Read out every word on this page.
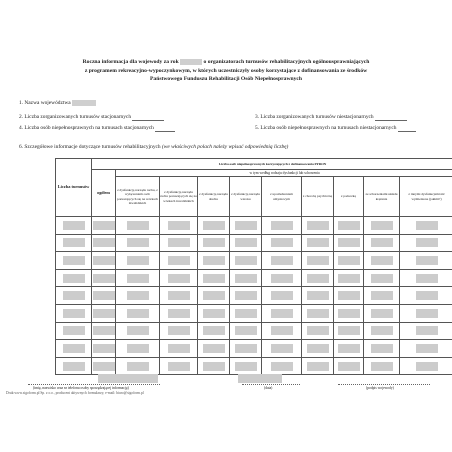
Roczna informacja dla wojewody za rok	o organizatorach turnusów rehabilitacyjnych ogólnousprawniających
z programem rekreacyjno-wypoczynkowym, w których uczestniczyły osoby korzystające z dofinansowania ze środków
Państwowego Funduszu Rehabilitacji Osób Niepełnosprawnych
1. Nazwa województwa
2. Liczba zorganizowanych turnusów stacjonarnych	3. Liczba zorganizowanych turnusów niestacjonarnych
4. Liczba osób niepełnosprawnych na turnusach stacjonarnych	5. Liczba osób niepełnosprawnych na turnusach niestacjonarnych
6. Szczegółowe informacje dotyczące turnusów rehabilitacyjnych (we właściwych polach należy wpisać odpowiednią liczbę)
Liczba turnusów	Liczba osób niepełnosprawnych korzystających z dofinansowania PFRON									
	ogółem	w tym według rodzaju dysfunkcji lub schorzenia								
		z dysfunkcją narządu ruchu, z wyłączeniem osób poruszających się na wózkach inwalidzkich	z dysfunkcją narządu ruchu poruszających się na wózkach inwalidzkich	z dysfunkcją narządu słuchu	z dysfunkcją narządu wzroku	z upośledzeniem umysłowym	z chorobą psychiczną	z padaczką	ze schorzeniami układu krążenia	z innymi dysfunkcjami niż wymienione (jakimi?)

(imię, nazwisko oraz nr telefonu osoby sporządzającej informację)	(data)	(podpis wojewody)
Druk:www.sigoform.pl Sp. z o.o., producent aktywnych formularzy, e-mail: biuro@sigoform.pl
